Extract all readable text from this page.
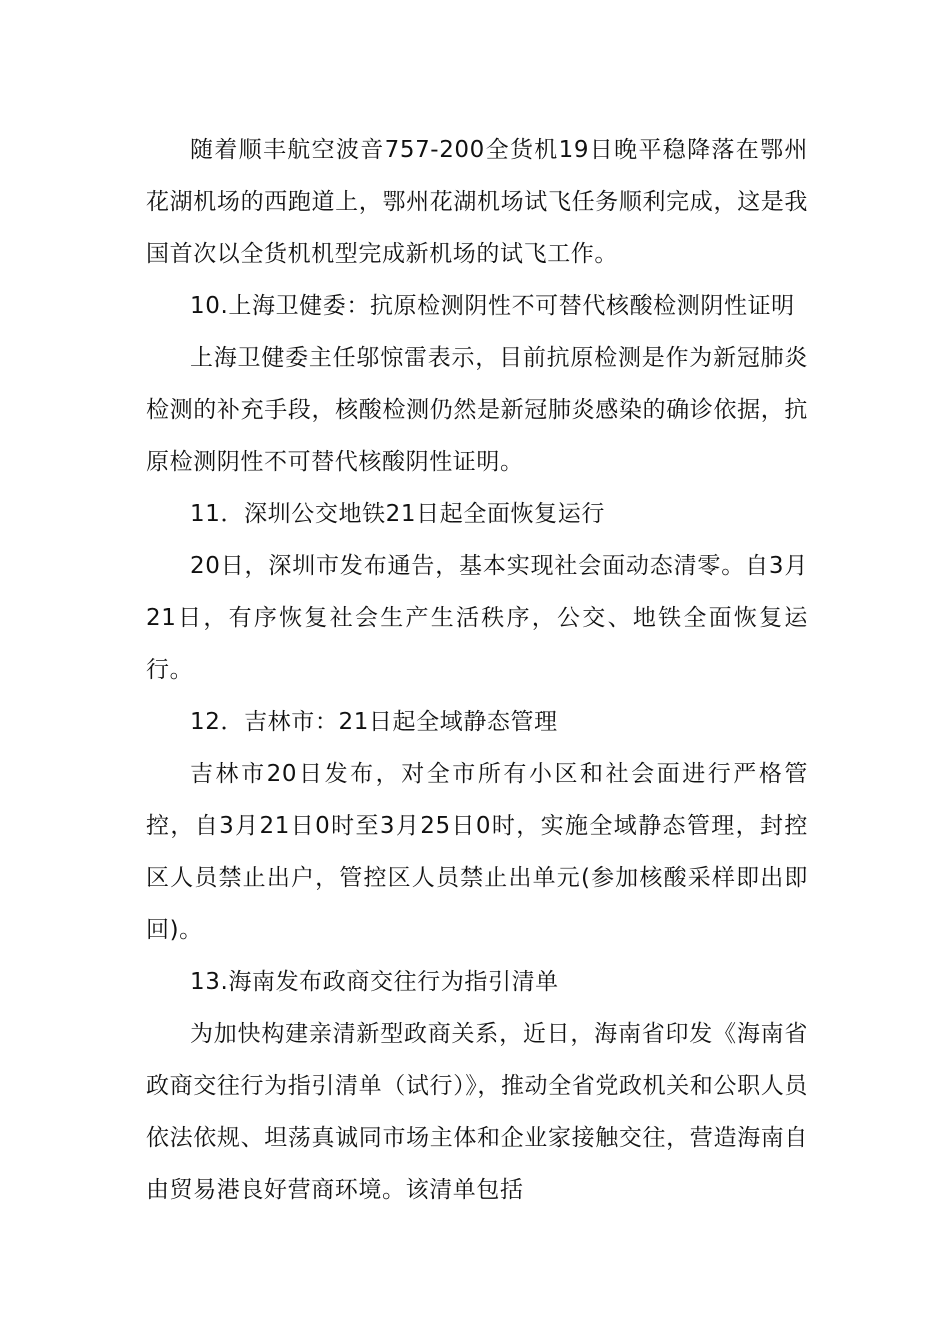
随着顺丰航空波音757-200全货机19日晚平稳降落在鄂州花湖机场的西跑道上，鄂州花湖机场试飞任务顺利完成，这是我国首次以全货机机型完成新机场的试飞工作。

10.上海卫健委：抗原检测阴性不可替代核酸检测阴性证明

上海卫健委主任邬惊雷表示，目前抗原检测是作为新冠肺炎检测的补充手段，核酸检测仍然是新冠肺炎感染的确诊依据，抗原检测阴性不可替代核酸阴性证明。

11．深圳公交地铁21日起全面恢复运行

20日，深圳市发布通告，基本实现社会面动态清零。自3月21日，有序恢复社会生产生活秩序，公交、地铁全面恢复运行。

12．吉林市：21日起全域静态管理

吉林市20日发布，对全市所有小区和社会面进行严格管控，自3月21日0时至3月25日0时，实施全域静态管理，封控区人员禁止出户，管控区人员禁止出单元(参加核酸采样即出即回)。

13.海南发布政商交往行为指引清单

为加快构建亲清新型政商关系，近日，海南省印发《海南省政商交往行为指引清单（试行）》，推动全省党政机关和公职人员依法依规、坦荡真诚同市场主体和企业家接触交往，营造海南自由贸易港良好营商环境。该清单包括
